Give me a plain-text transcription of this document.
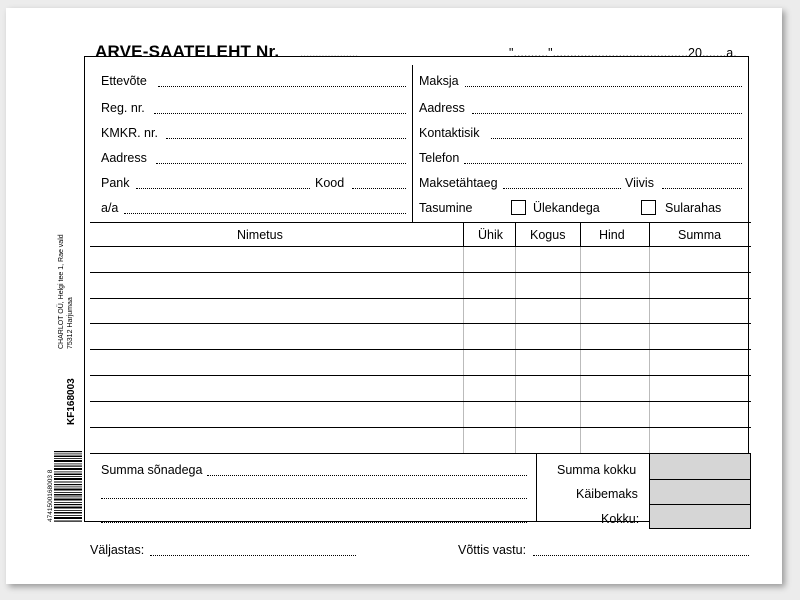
ARVE-SAATELEHT Nr. ...................	"..........".......................................20.......a.
Ettevõte
Reg. nr.
KMKR. nr.
Aadress
Pank	Kood
a/a
Maksja
Aadress
Kontaktisik
Telefon
Maksetähtaeg	Viivis
Tasumine	Ülekandega	Sularahas
Nimetus	Ühik Kogus	Hind	Summa
Summa sõnadega	Summa kokku
Käibemaks
Kokku:
Väljastas:	Võttis vastu:
CHARLOT OÜ, Helgi tee 1, Rae vald 75312 Harjumaa
KF168003
4741500168003 8
